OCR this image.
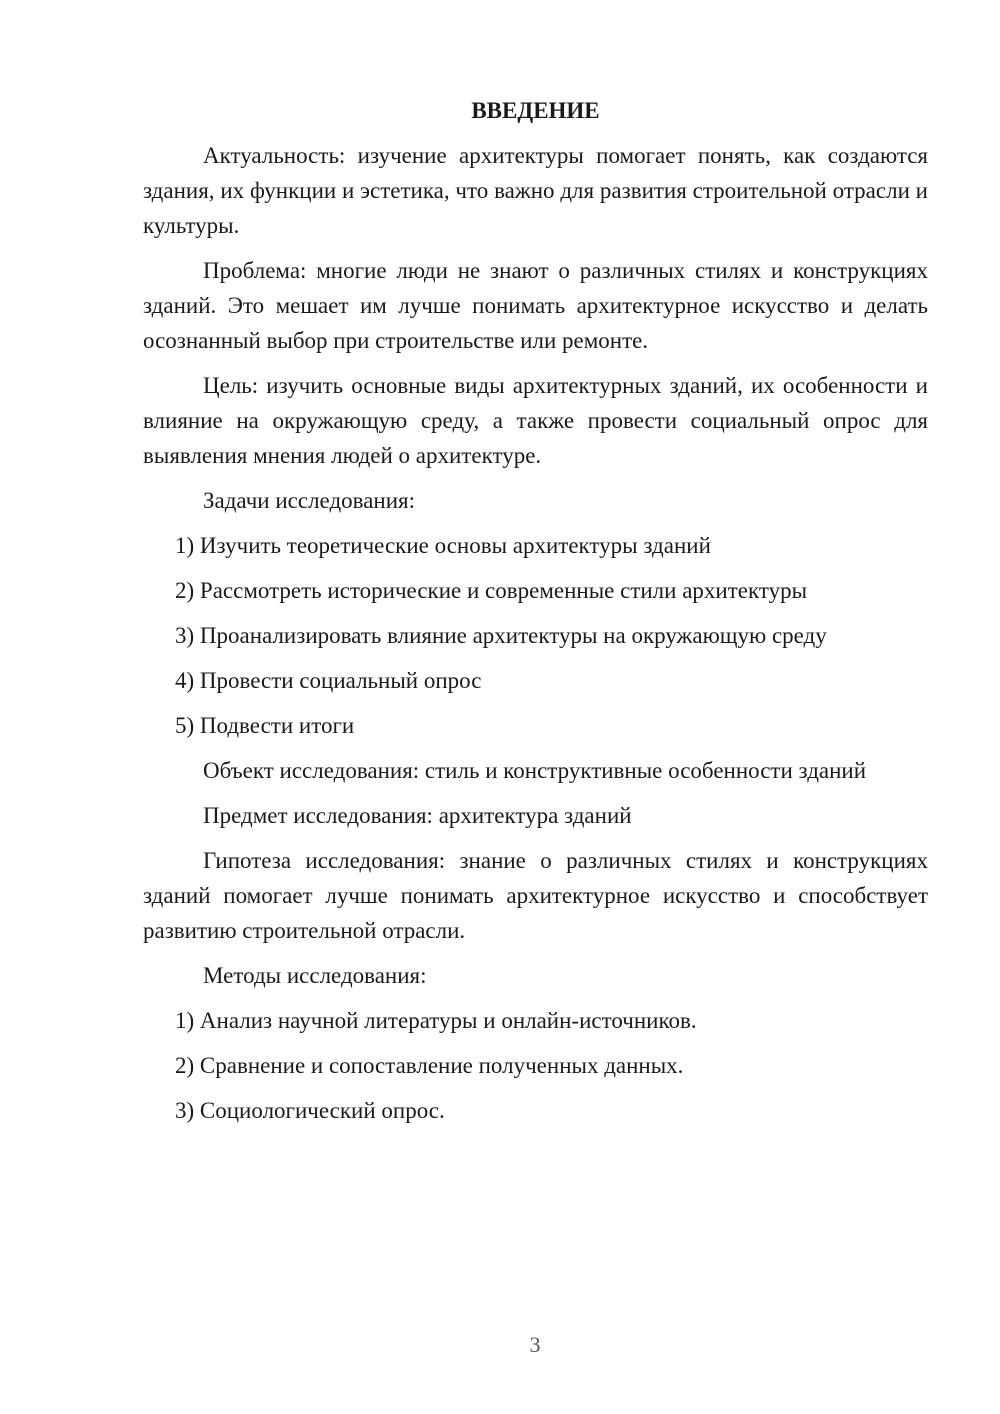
ВВЕДЕНИЕ

Актуальность: изучение архитектуры помогает понять, как создаются здания, их функции и эстетика, что важно для развития строительной отрасли и культуры.

Проблема: многие люди не знают о различных стилях и конструкциях зданий. Это мешает им лучше понимать архитектурное искусство и делать осознанный выбор при строительстве или ремонте.

Цель: изучить основные виды архитектурных зданий, их особенности и влияние на окружающую среду, а также провести социальный опрос для выявления мнения людей о архитектуре.

Задачи исследования:
1) Изучить теоретические основы архитектуры зданий
2) Рассмотреть исторические и современные стили архитектуры
3) Проанализировать влияние архитектуры на окружающую среду
4) Провести социальный опрос
5) Подвести итоги
Объект исследования: стиль и конструктивные особенности зданий
Предмет исследования: архитектура зданий

Гипотеза исследования: знание о различных стилях и конструкциях зданий помогает лучше понимать архитектурное искусство и способствует развитию строительной отрасли.

Методы исследования:
1) Анализ научной литературы и онлайн-источников.
2) Сравнение и сопоставление полученных данных.
3) Социологический опрос.
3
